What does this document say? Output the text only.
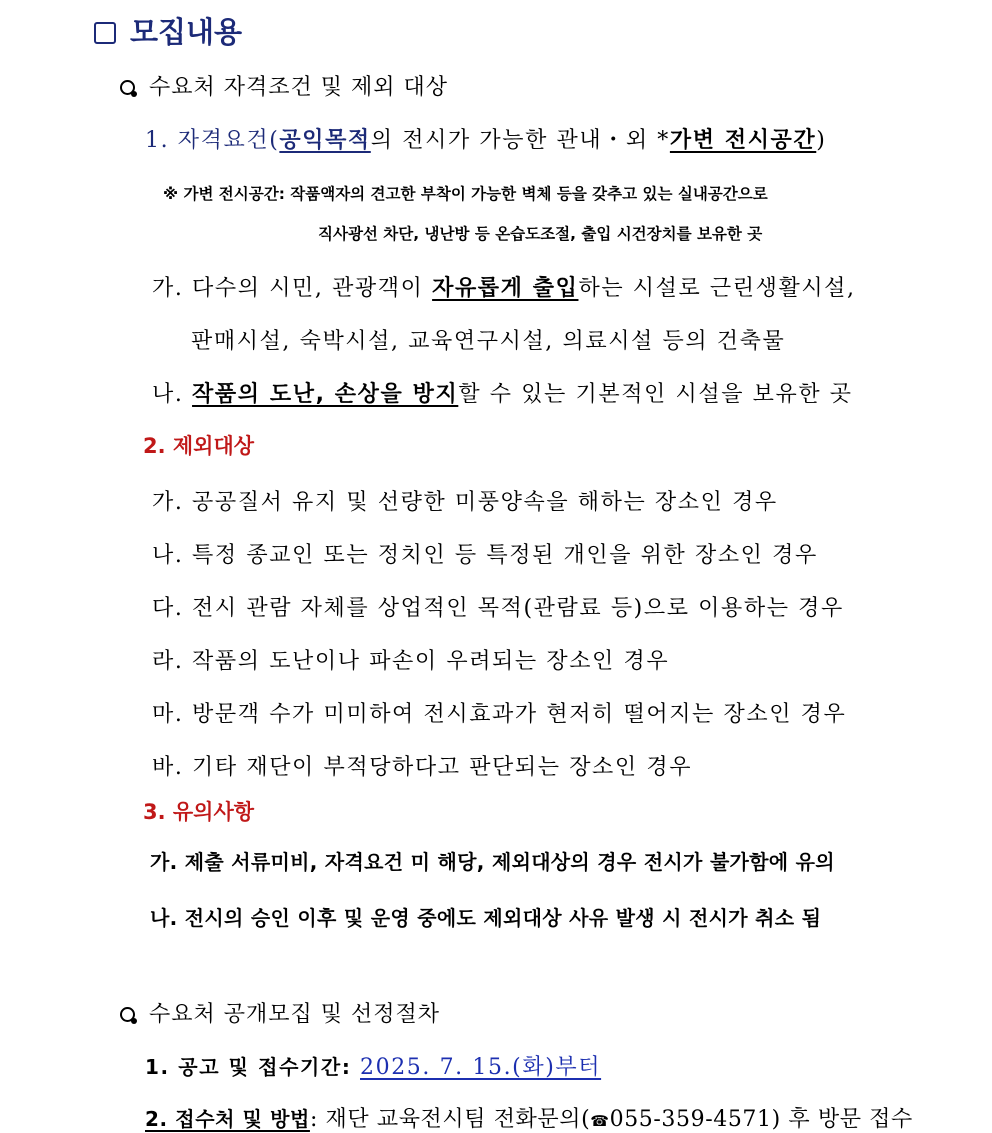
모집내용
수요처 자격조건 및 제외 대상
1. 자격요건(공익목적의 전시가 가능한 관내・외 *가변 전시공간)
※ 가변 전시공간: 작품액자의 견고한 부착이 가능한 벽체 등을 갖추고 있는 실내공간으로
직사광선 차단, 냉난방 등 온습도조절, 출입 시건장치를 보유한 곳
가. 다수의 시민, 관광객이 자유롭게 출입하는 시설로 근린생활시설,
판매시설, 숙박시설, 교육연구시설, 의료시설 등의 건축물
나. 작품의 도난, 손상을 방지할 수 있는 기본적인 시설을 보유한 곳
2. 제외대상
가. 공공질서 유지 및 선량한 미풍양속을 해하는 장소인 경우
나. 특정 종교인 또는 정치인 등 특정된 개인을 위한 장소인 경우
다. 전시 관람 자체를 상업적인 목적(관람료 등)으로 이용하는 경우
라. 작품의 도난이나 파손이 우려되는 장소인 경우
마. 방문객 수가 미미하여 전시효과가 현저히 떨어지는 장소인 경우
바. 기타 재단이 부적당하다고 판단되는 장소인 경우
3. 유의사항
가. 제출 서류미비, 자격요건 미 해당, 제외대상의 경우 전시가 불가함에 유의
나. 전시의 승인 이후 및 운영 중에도 제외대상 사유 발생 시 전시가 취소 됨
수요처 공개모집 및 선정절차
1. 공고 및 접수기간: 2025. 7. 15.(화)부터
2. 접수처 및 방법: 재단 교육전시팀 전화문의(☎055-359-4571) 후 방문 접수
